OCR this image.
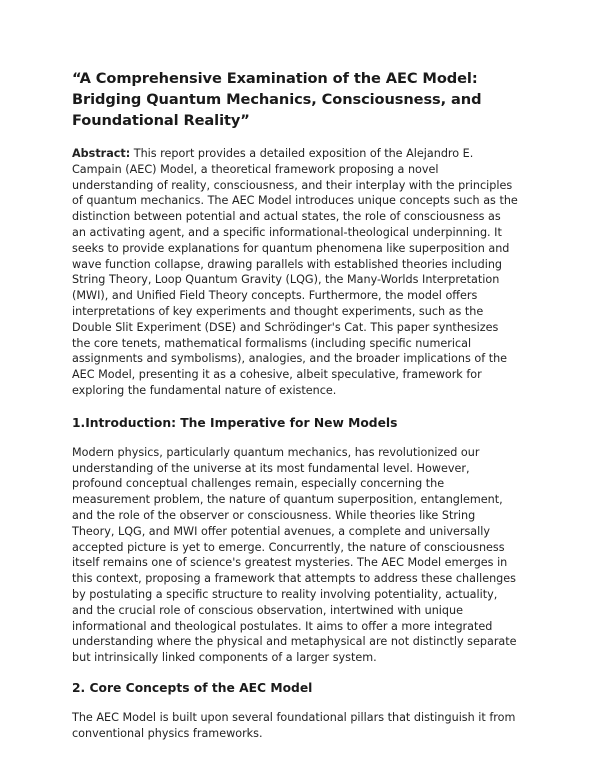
“A Comprehensive Examination of the AEC Model: Bridging Quantum Mechanics, Consciousness, and Foundational Reality”

Abstract: This report provides a detailed exposition of the Alejandro E. Campain (AEC) Model, a theoretical framework proposing a novel understanding of reality, consciousness, and their interplay with the principles of quantum mechanics. The AEC Model introduces unique concepts such as the distinction between potential and actual states, the role of consciousness as an activating agent, and a specific informational-theological underpinning. It seeks to provide explanations for quantum phenomena like superposition and wave function collapse, drawing parallels with established theories including String Theory, Loop Quantum Gravity (LQG), the Many-Worlds Interpretation (MWI), and Unified Field Theory concepts. Furthermore, the model offers interpretations of key experiments and thought experiments, such as the Double Slit Experiment (DSE) and Schrödinger's Cat. This paper synthesizes the core tenets, mathematical formalisms (including specific numerical assignments and symbolisms), analogies, and the broader implications of the AEC Model, presenting it as a cohesive, albeit speculative, framework for exploring the fundamental nature of existence.

1.Introduction: The Imperative for New Models

Modern physics, particularly quantum mechanics, has revolutionized our understanding of the universe at its most fundamental level. However, profound conceptual challenges remain, especially concerning the measurement problem, the nature of quantum superposition, entanglement, and the role of the observer or consciousness. While theories like String Theory, LQG, and MWI offer potential avenues, a complete and universally accepted picture is yet to emerge. Concurrently, the nature of consciousness itself remains one of science's greatest mysteries. The AEC Model emerges in this context, proposing a framework that attempts to address these challenges by postulating a specific structure to reality involving potentiality, actuality, and the crucial role of conscious observation, intertwined with unique informational and theological postulates. It aims to offer a more integrated understanding where the physical and metaphysical are not distinctly separate but intrinsically linked components of a larger system.

2. Core Concepts of the AEC Model

The AEC Model is built upon several foundational pillars that distinguish it from conventional physics frameworks.
